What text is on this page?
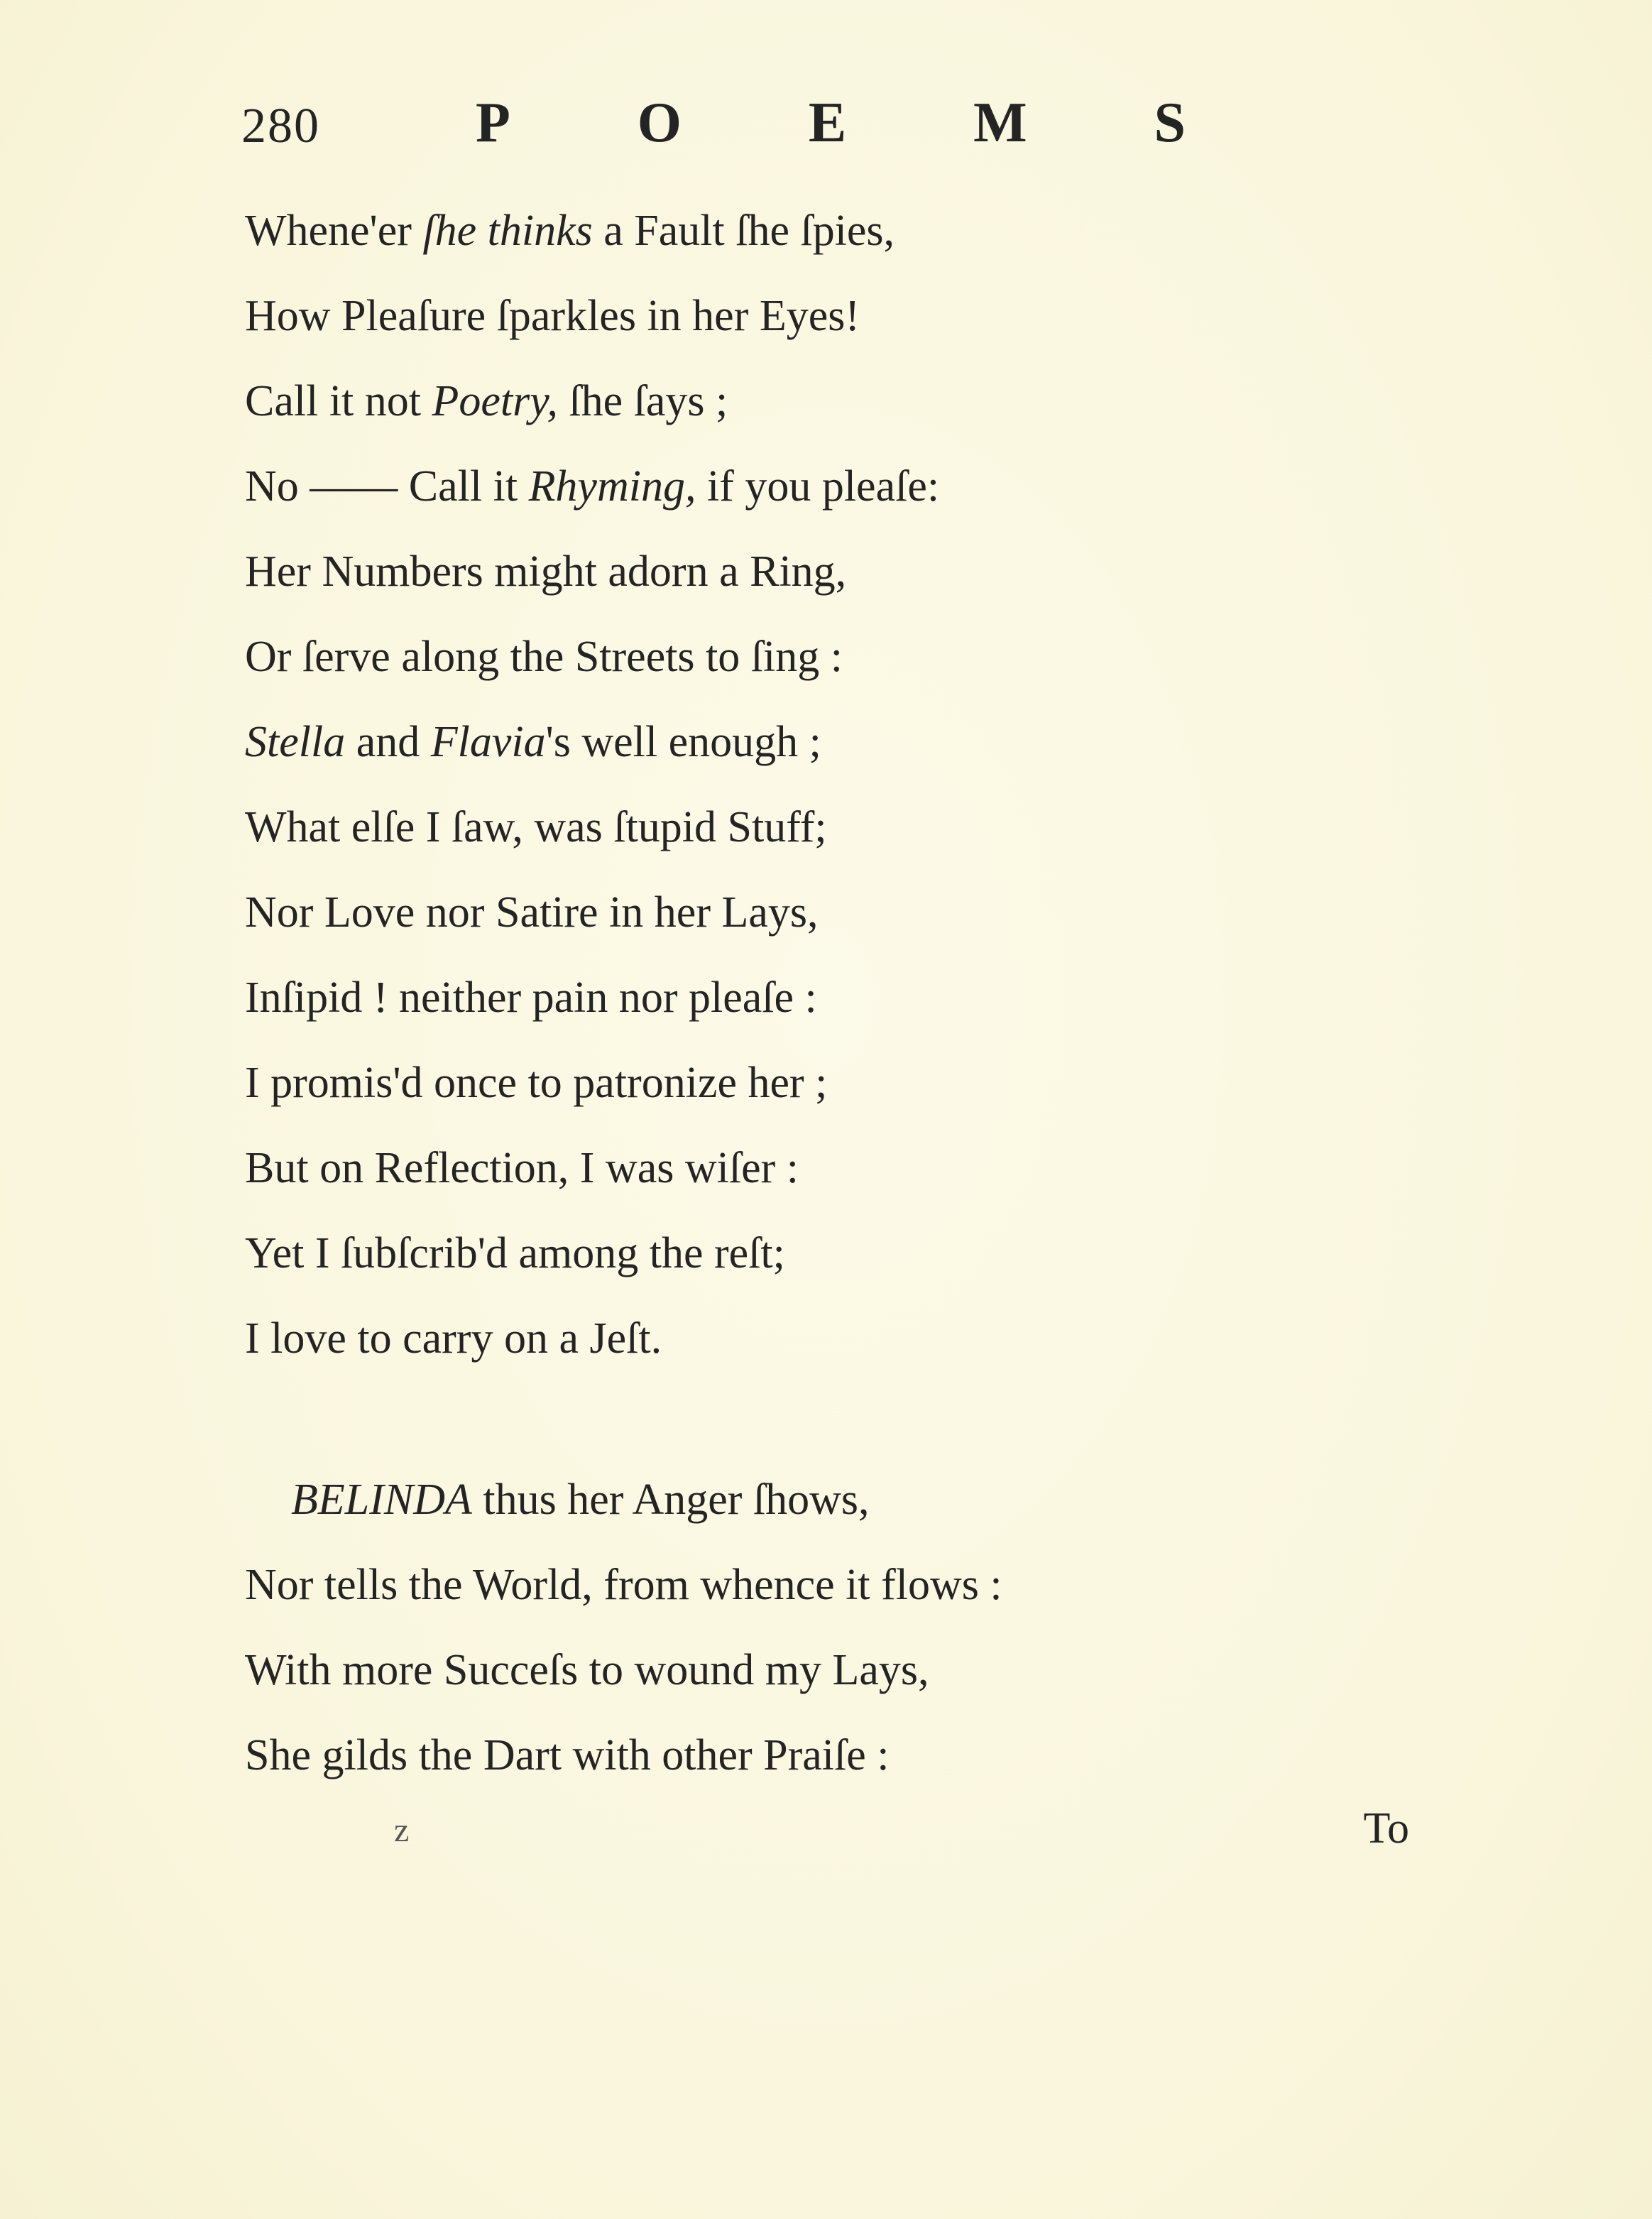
280	P O E M S
Whene'er ſhe thinks a Fault ſhe ſpies,
How Pleaſure ſparkles in her Eyes!
Call it not Poetry, ſhe ſays ;
No —— Call it Rhyming, if you pleaſe:
Her Numbers might adorn a Ring,
Or ſerve along the Streets to ſing :
Stella and Flavia's well enough ;
What elſe I ſaw, was ſtupid Stuff;
Nor Love nor Satire in her Lays,
Inſipid ! neither pain nor pleaſe :
I promis'd once to patronize her ;
But on Reflection, I was wiſer :
Yet I ſubſcrib'd among the reſt;
I love to carry on a Jeſt.
BELINDA thus her Anger ſhows,
Nor tells the World, from whence it flows :
With more Succeſs to wound my Lays,
She gilds the Dart with other Praiſe :
z	To
